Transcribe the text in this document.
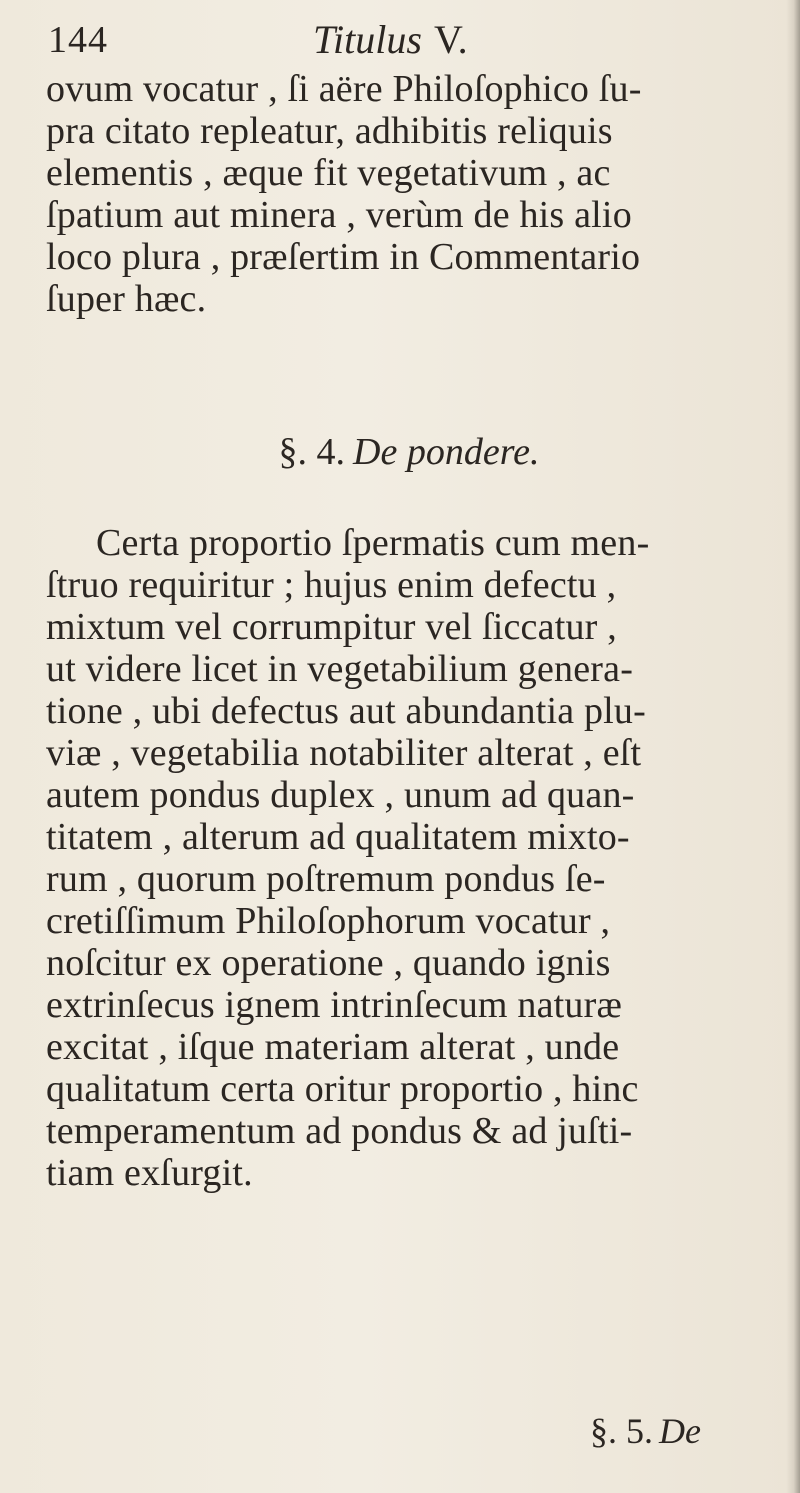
144	Titulus V.
ovum vocatur , ſi aëre Philoſophico ſu-
pra citato repleatur, adhibitis reliquis
elementis , æque fit vegetativum , ac
ſpatium aut minera , verùm de his alio
loco plura , præſertim in Commentario
ſuper hæc.
§. 4. De pondere.
Certa proportio ſpermatis cum men-
ſtruo requiritur ; hujus enim defectu ,
mixtum vel corrumpitur vel ſiccatur ,
ut videre licet in vegetabilium genera-
tione , ubi defectus aut abundantia plu-
viæ , vegetabilia notabiliter alterat , eſt
autem pondus duplex , unum ad quan-
titatem , alterum ad qualitatem mixto-
rum , quorum poſtremum pondus ſe-
cretiſſimum Philoſophorum vocatur ,
noſcitur ex operatione , quando ignis
extrinſecus ignem intrinſecum naturæ
excitat , iſque materiam alterat , unde
qualitatum certa oritur proportio , hinc
temperamentum ad pondus & ad juſti-
tiam exſurgit.
§. 5. De
